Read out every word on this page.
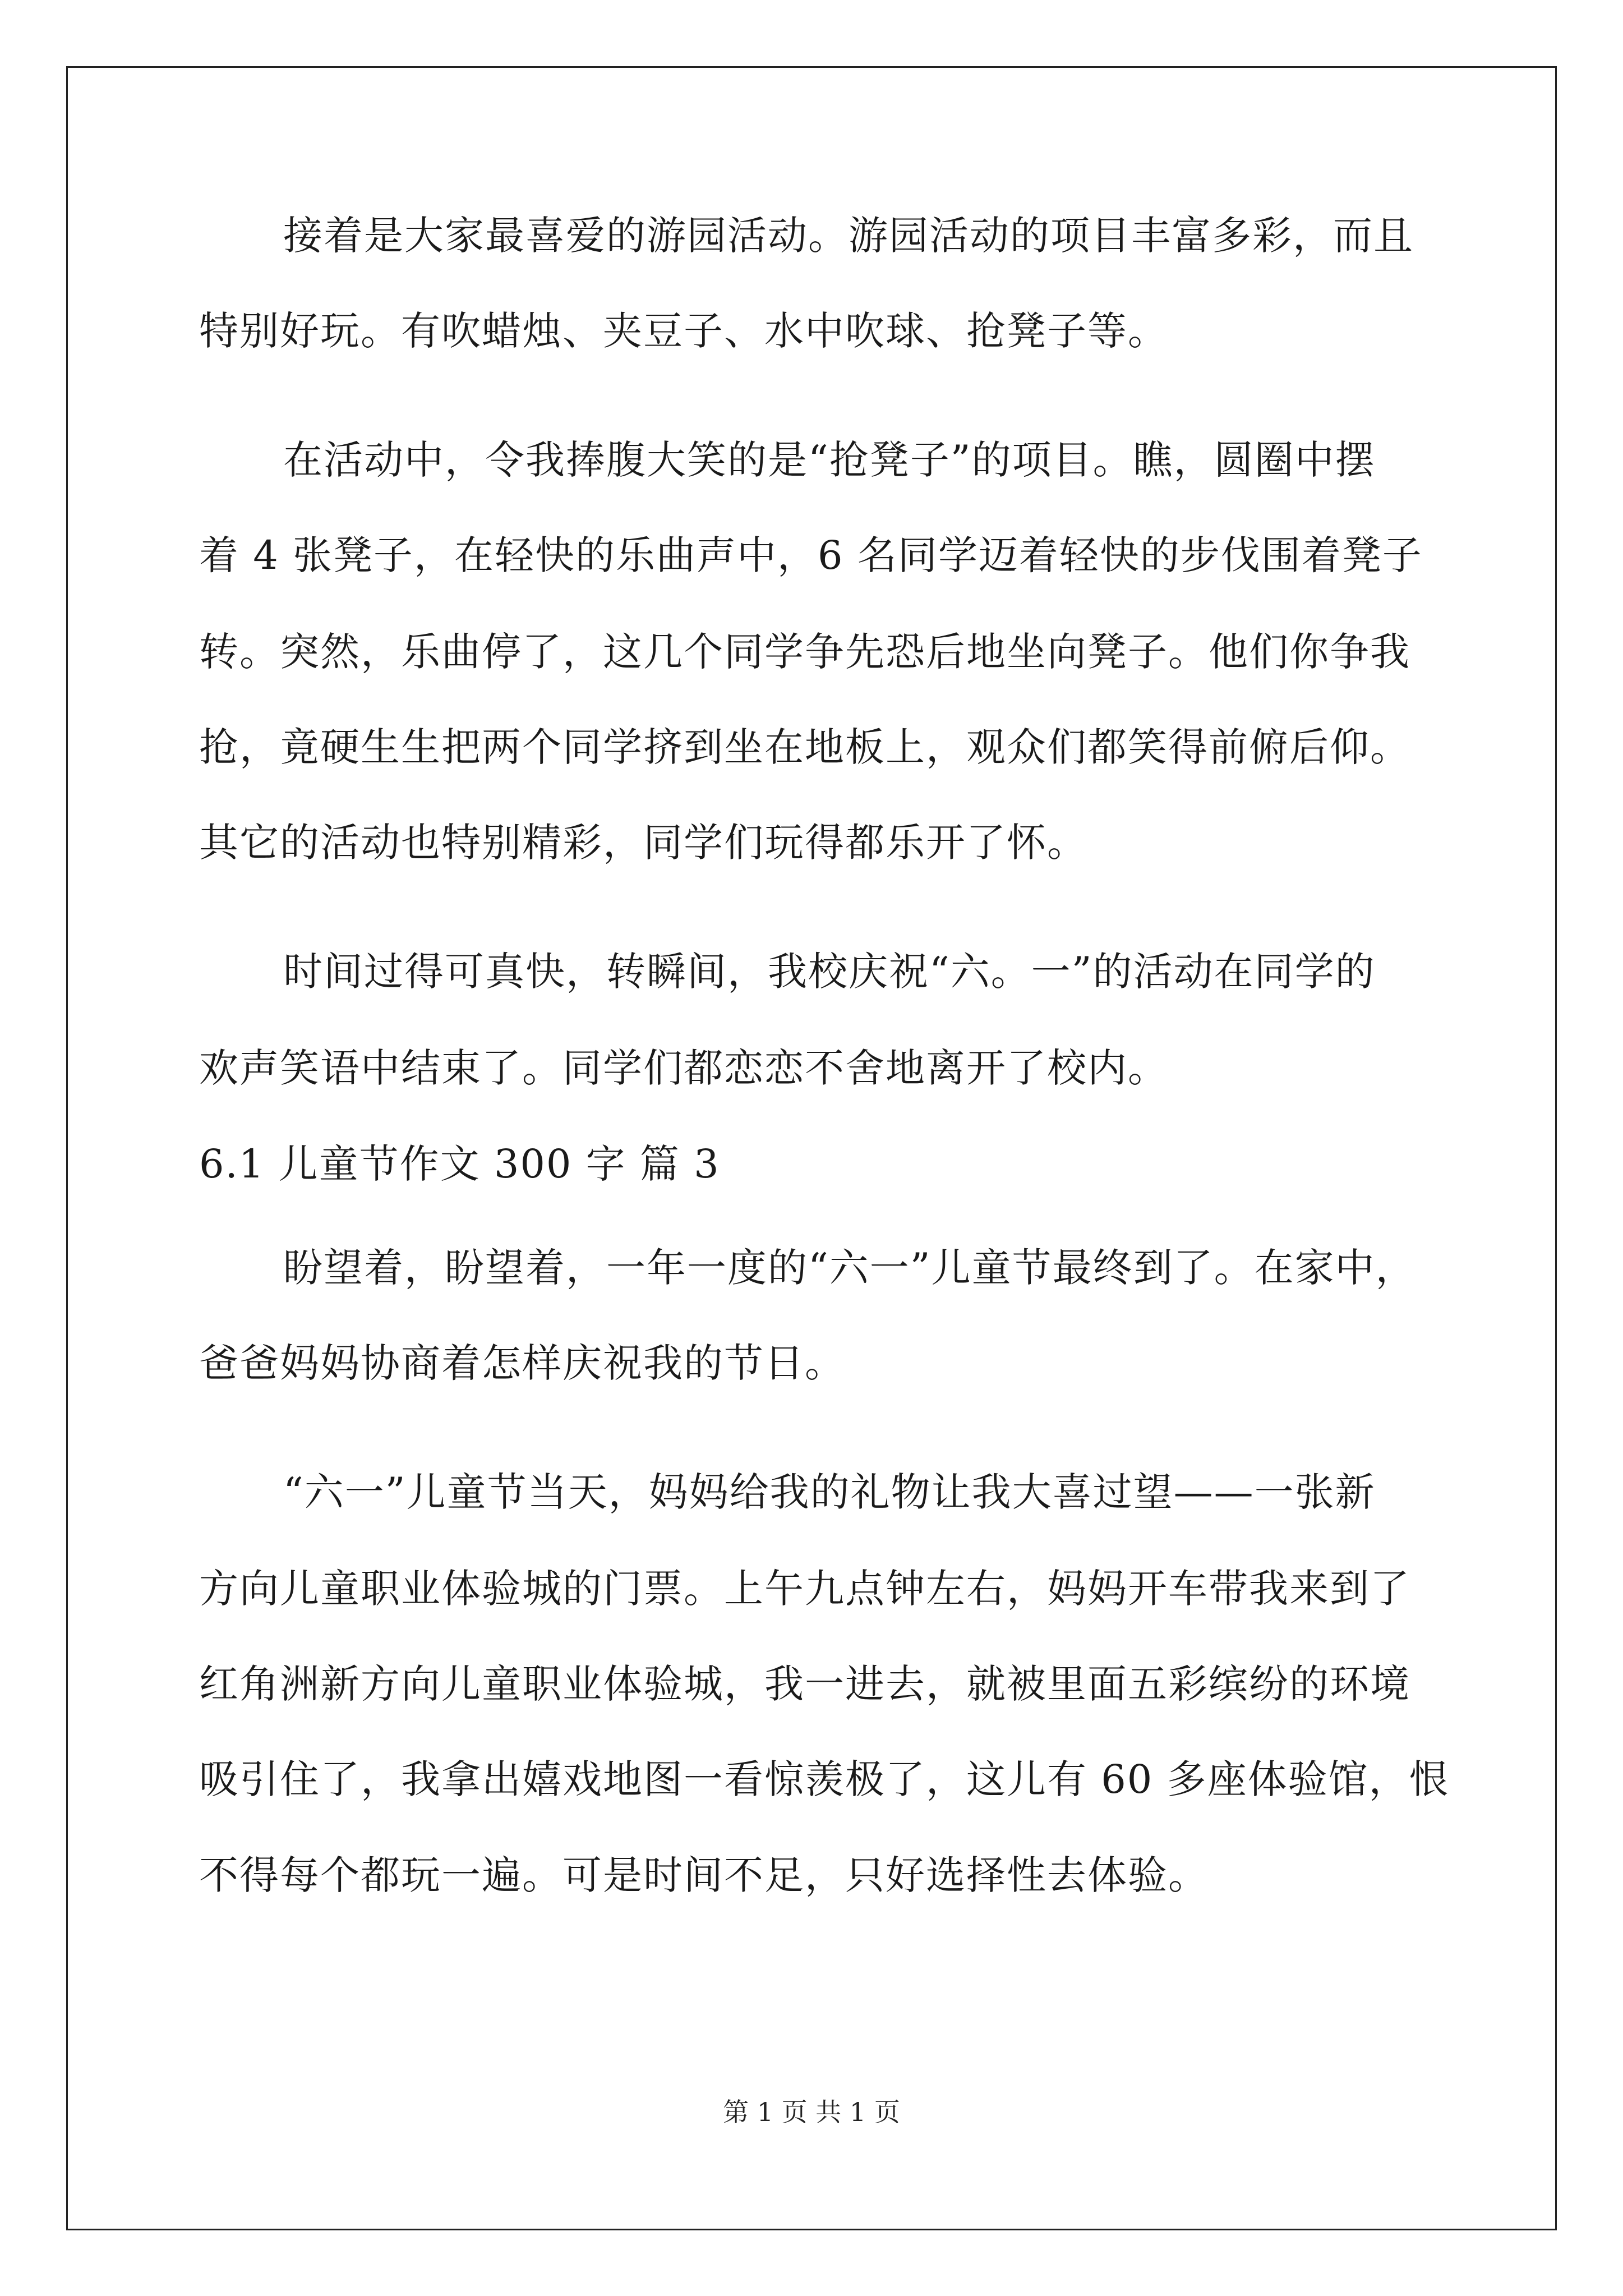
接着是大家最喜爱的游园活动。游园活动的项目丰富多彩，而且
特别好玩。有吹蜡烛、夹豆子、水中吹球、抢凳子等。
在活动中，令我捧腹大笑的是“抢凳子”的项目。瞧，圆圈中摆
着 4 张凳子，在轻快的乐曲声中，6 名同学迈着轻快的步伐围着凳子
转。突然，乐曲停了，这几个同学争先恐后地坐向凳子。他们你争我
抢，竟硬生生把两个同学挤到坐在地板上，观众们都笑得前俯后仰。
其它的活动也特别精彩，同学们玩得都乐开了怀。
时间过得可真快，转瞬间，我校庆祝“六。一”的活动在同学的
欢声笑语中结束了。同学们都恋恋不舍地离开了校内。
6.1 儿童节作文 300 字 篇 3
盼望着，盼望着，一年一度的“六一”儿童节最终到了。在家中，
爸爸妈妈协商着怎样庆祝我的节日。
“六一”儿童节当天，妈妈给我的礼物让我大喜过望——一张新
方向儿童职业体验城的门票。上午九点钟左右，妈妈开车带我来到了
红角洲新方向儿童职业体验城，我一进去，就被里面五彩缤纷的环境
吸引住了，我拿出嬉戏地图一看惊羡极了，这儿有 60 多座体验馆，恨
不得每个都玩一遍。可是时间不足，只好选择性去体验。
第 1 页 共 1 页
